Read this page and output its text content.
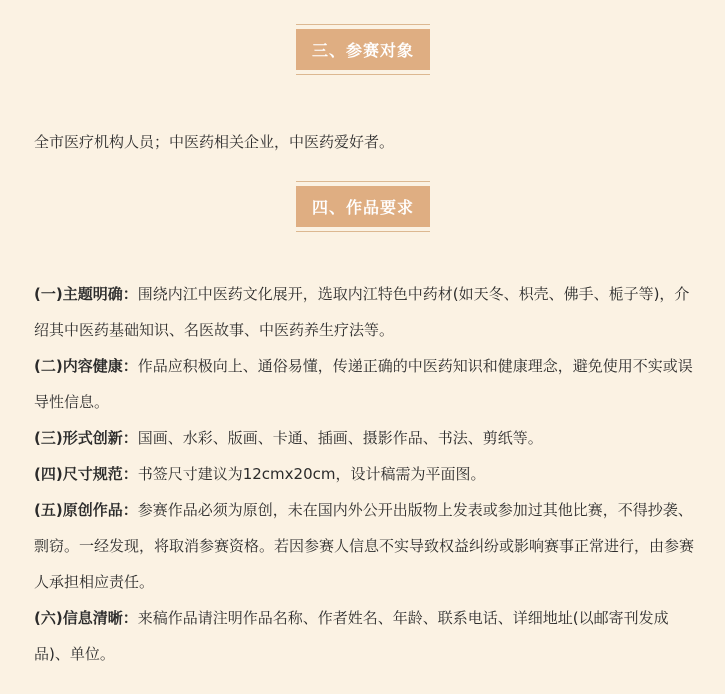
三、参赛对象

全市医疗机构人员；中医药相关企业，中医药爱好者。

四、作品要求
(一)主题明确：围绕内江中医药文化展开，选取内江特色中药材(如天冬、枳壳、佛手、栀子等)，介绍其中医药基础知识、名医故事、中医药养生疗法等。
(二)内容健康：作品应积极向上、通俗易懂，传递正确的中医药知识和健康理念，避免使用不实或误导性信息。
(三)形式创新：国画、水彩、版画、卡通、插画、摄影作品、书法、剪纸等。
(四)尺寸规范：书签尺寸建议为12cmx20cm，设计稿需为平面图。
(五)原创作品：参赛作品必须为原创，未在国内外公开出版物上发表或参加过其他比赛，不得抄袭、剽窃。一经发现，将取消参赛资格。若因参赛人信息不实导致权益纠纷或影响赛事正常进行，由参赛人承担相应责任。
(六)信息清晰：来稿作品请注明作品名称、作者姓名、年龄、联系电话、详细地址(以邮寄刊发成品)、单位。
